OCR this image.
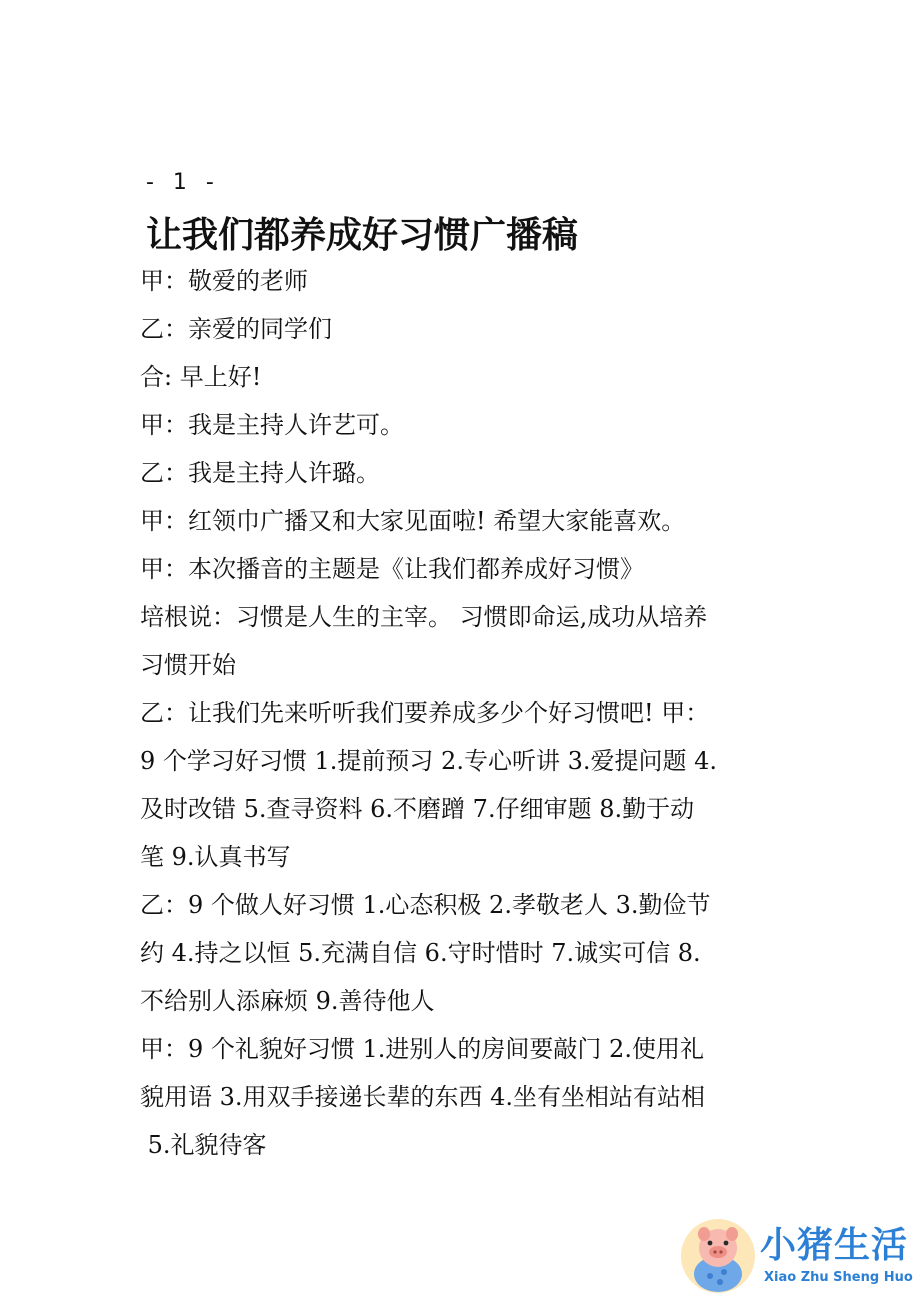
- 1 -
让我们都养成好习惯广播稿

甲：敬爱的老师

乙：亲爱的同学们

合: 早上好!

甲：我是主持人许艺可。

乙：我是主持人许璐。

甲：红领巾广播又和大家见面啦! 希望大家能喜欢。

甲：本次播音的主题是《让我们都养成好习惯》

培根说：习惯是人生的主宰。 习惯即命运,成功从培养

习惯开始

乙：让我们先来听听我们要养成多少个好习惯吧! 甲：

9 个学习好习惯 1.提前预习 2.专心听讲 3.爱提问题 4.

及时改错 5.查寻资料 6.不磨蹭 7.仔细审题 8.勤于动

笔 9.认真书写

乙：9 个做人好习惯 1.心态积极 2.孝敬老人 3.勤俭节

约 4.持之以恒 5.充满自信 6.守时惜时 7.诚实可信 8.

不给别人添麻烦 9.善待他人

甲：9 个礼貌好习惯 1.进别人的房间要敲门 2.使用礼

貌用语 3.用双手接递长辈的东西 4.坐有坐相站有站相

5.礼貌待客

小猪生活
Xiao Zhu Sheng Huo
